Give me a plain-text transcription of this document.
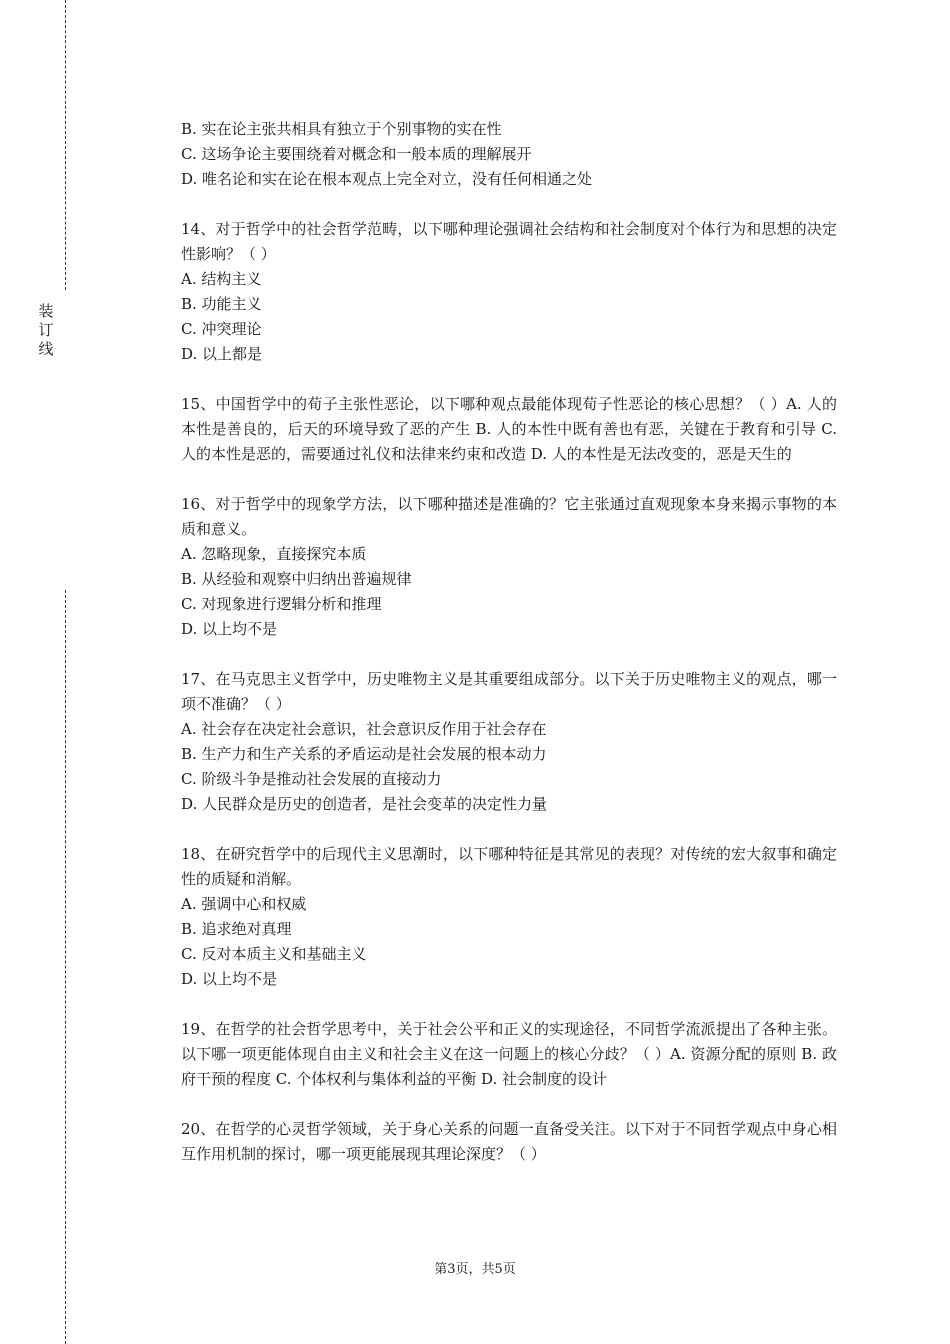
装
订
线

B. 实在论主张共相具有独立于个别事物的实在性

C. 这场争论主要围绕着对概念和一般本质的理解展开

D. 唯名论和实在论在根本观点上完全对立，没有任何相通之处

14、对于哲学中的社会哲学范畴，以下哪种理论强调社会结构和社会制度对个体行为和思想的决定性影响？（ ）

A. 结构主义

B. 功能主义

C. 冲突理论

D. 以上都是

15、中国哲学中的荀子主张性恶论，以下哪种观点最能体现荀子性恶论的核心思想？（ ）A. 人的本性是善良的，后天的环境导致了恶的产生 B. 人的本性中既有善也有恶，关键在于教育和引导 C. 人的本性是恶的，需要通过礼仪和法律来约束和改造 D. 人的本性是无法改变的，恶是天生的

16、对于哲学中的现象学方法，以下哪种描述是准确的？它主张通过直观现象本身来揭示事物的本质和意义。

A. 忽略现象，直接探究本质

B. 从经验和观察中归纳出普遍规律

C. 对现象进行逻辑分析和推理

D. 以上均不是

17、在马克思主义哲学中，历史唯物主义是其重要组成部分。以下关于历史唯物主义的观点，哪一项不准确？（ ）

A. 社会存在决定社会意识，社会意识反作用于社会存在

B. 生产力和生产关系的矛盾运动是社会发展的根本动力

C. 阶级斗争是推动社会发展的直接动力

D. 人民群众是历史的创造者，是社会变革的决定性力量

18、在研究哲学中的后现代主义思潮时，以下哪种特征是其常见的表现？对传统的宏大叙事和确定性的质疑和消解。

A. 强调中心和权威

B. 追求绝对真理

C. 反对本质主义和基础主义

D. 以上均不是

19、在哲学的社会哲学思考中，关于社会公平和正义的实现途径，不同哲学流派提出了各种主张。以下哪一项更能体现自由主义和社会主义在这一问题上的核心分歧？（ ）A. 资源分配的原则 B. 政府干预的程度 C. 个体权利与集体利益的平衡 D. 社会制度的设计

20、在哲学的心灵哲学领域，关于身心关系的问题一直备受关注。以下对于不同哲学观点中身心相互作用机制的探讨，哪一项更能展现其理论深度？（ ）

第3页，共5页
